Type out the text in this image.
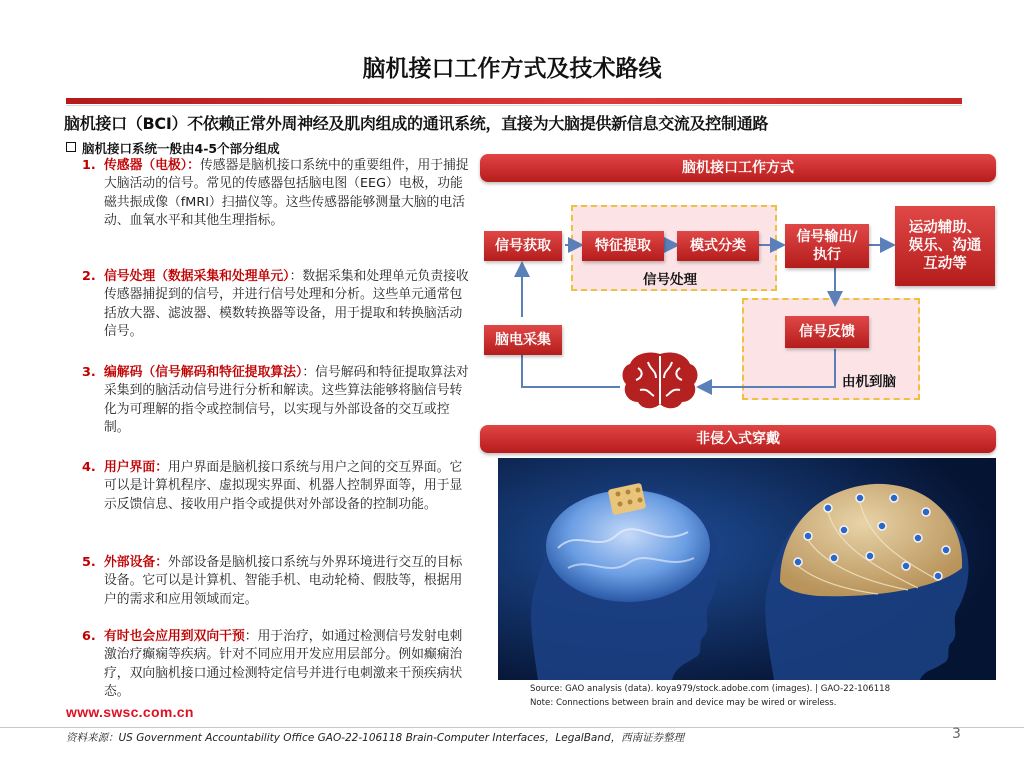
脑机接口工作方式及技术路线
脑机接口（BCI）不依赖正常外周神经及肌肉组成的通讯系统，直接为大脑提供新信息交流及控制通路
脑机接口系统一般由4-5个部分组成
1. 传感器（电极）：传感器是脑机接口系统中的重要组件，用于捕捉大脑活动的信号。常见的传感器包括脑电图（EEG）电极，功能磁共振成像（fMRI）扫描仪等。这些传感器能够测量大脑的电活动、血氧水平和其他生理指标。
2. 信号处理（数据采集和处理单元）：数据采集和处理单元负责接收传感器捕捉到的信号，并进行信号处理和分析。这些单元通常包括放大器、滤波器、模数转换器等设备，用于提取和转换脑活动信号。
3. 编解码（信号解码和特征提取算法）：信号解码和特征提取算法对采集到的脑活动信号进行分析和解读。这些算法能够将脑信号转化为可理解的指令或控制信号，以实现与外部设备的交互或控制。
4. 用户界面：用户界面是脑机接口系统与用户之间的交互界面。它可以是计算机程序、虚拟现实界面、机器人控制界面等，用于显示反馈信息、接收用户指令或提供对外部设备的控制功能。
5. 外部设备：外部设备是脑机接口系统与外界环境进行交互的目标设备。它可以是计算机、智能手机、电动轮椅、假肢等，根据用户的需求和应用领域而定。
6. 有时也会应用到双向干预：用于治疗，如通过检测信号发射电刺激治疗癫痫等疾病。针对不同应用开发应用层部分。例如癫痫治疗，双向脑机接口通过检测特定信号并进行电刺激来干预疾病状态。
脑机接口工作方式
信号获取	特征提取	模式分类
信号输出/执行
运动辅助、娱乐、沟通互动等
脑电采集	信号反馈
信号处理
由机到脑
非侵入式穿戴
Source: GAO analysis (data). koya979/stock.adobe.com (images). | GAO-22-106118
Note: Connections between brain and device may be wired or wireless.
www.swsc.com.cn
资料来源：US Government Accountability Office GAO-22-106118 Brain-Computer Interfaces，LegalBand，西南证券整理	3
